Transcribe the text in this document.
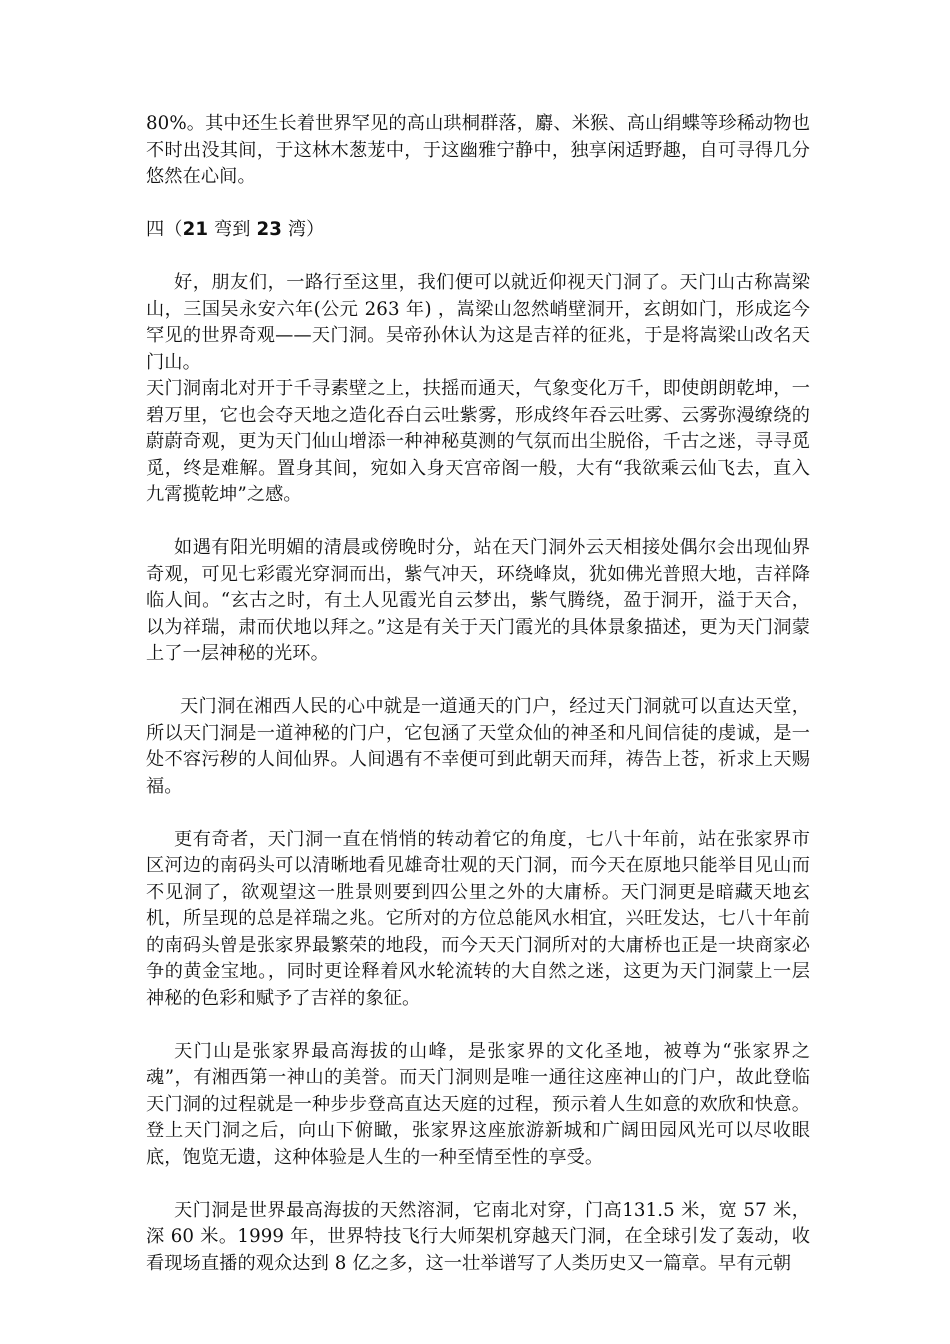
80%。其中还生长着世界罕见的高山珙桐群落，麝、米猴、高山绢蝶等珍稀动物也不时出没其间，于这林木葱茏中，于这幽雅宁静中，独享闲适野趣，自可寻得几分悠然在心间。

四（21 弯到 23 湾）

好，朋友们，一路行至这里，我们便可以就近仰视天门洞了。天门山古称嵩梁山，三国吴永安六年(公元 263 年) ，嵩梁山忽然峭壁洞开，玄朗如门，形成迄今罕见的世界奇观——天门洞。吴帝孙休认为这是吉祥的征兆，于是将嵩梁山改名天门山。

天门洞南北对开于千寻素壁之上，扶摇而通天，气象变化万千，即使朗朗乾坤，一碧万里，它也会夺天地之造化吞白云吐紫雾，形成终年吞云吐雾、云雾弥漫缭绕的蔚蔚奇观，更为天门仙山增添一种神秘莫测的气氛而出尘脱俗，千古之迷，寻寻觅觅，终是难解。置身其间，宛如入身天宫帝阁一般，大有“我欲乘云仙飞去，直入九霄揽乾坤”之感。

如遇有阳光明媚的清晨或傍晚时分，站在天门洞外云天相接处偶尔会出现仙界奇观，可见七彩霞光穿洞而出，紫气冲天，环绕峰岚，犹如佛光普照大地，吉祥降临人间。“玄古之时，有土人见霞光自云梦出，紫气腾绕，盈于洞开，溢于天合，以为祥瑞，肃而伏地以拜之。”这是有关于天门霞光的具体景象描述，更为天门洞蒙上了一层神秘的光环。

天门洞在湘西人民的心中就是一道通天的门户，经过天门洞就可以直达天堂，所以天门洞是一道神秘的门户，它包涵了天堂众仙的神圣和凡间信徒的虔诚，是一处不容污秽的人间仙界。人间遇有不幸便可到此朝天而拜，祷告上苍，祈求上天赐福。

更有奇者，天门洞一直在悄悄的转动着它的角度，七八十年前，站在张家界市区河边的南码头可以清晰地看见雄奇壮观的天门洞，而今天在原地只能举目见山而不见洞了，欲观望这一胜景则要到四公里之外的大庸桥。天门洞更是暗藏天地玄机，所呈现的总是祥瑞之兆。它所对的方位总能风水相宜，兴旺发达，七八十年前的南码头曾是张家界最繁荣的地段，而今天天门洞所对的大庸桥也正是一块商家必争的黄金宝地。，同时更诠释着风水轮流转的大自然之迷，这更为天门洞蒙上一层神秘的色彩和赋予了吉祥的象征。

天门山是张家界最高海拔的山峰，是张家界的文化圣地，被尊为“张家界之魂”，有湘西第一神山的美誉。而天门洞则是唯一通往这座神山的门户，故此登临天门洞的过程就是一种步步登高直达天庭的过程，预示着人生如意的欢欣和快意。登上天门洞之后，向山下俯瞰，张家界这座旅游新城和广阔田园风光可以尽收眼底，饱览无遗，这种体验是人生的一种至情至性的享受。

天门洞是世界最高海拔的天然溶洞，它南北对穿，门高131.5 米，宽 57 米，深 60 米。1999 年，世界特技飞行大师架机穿越天门洞，在全球引发了轰动，收看现场直播的观众达到 8 亿之多，这一壮举谱写了人类历史又一篇章。早有元朝
